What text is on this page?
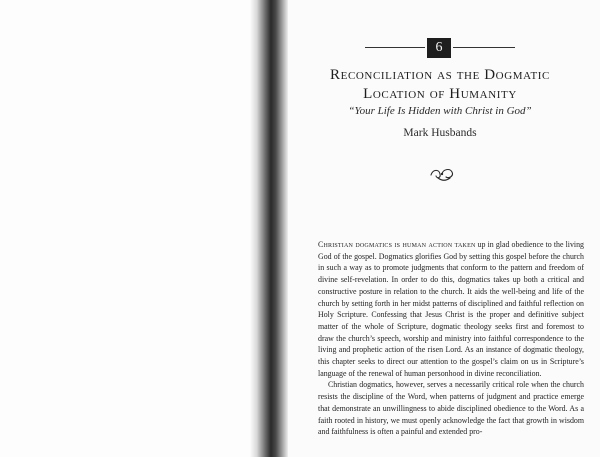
6
Reconciliation as the Dogmatic
Location of Humanity

“Your Life Is Hidden with Christ in God”

Mark Husbands

Christian dogmatics is human action taken up in glad obedience to the living God of the gospel. Dogmatics glorifies God by setting this gospel before the church in such a way as to promote judgments that conform to the pattern and freedom of divine self-revelation. In order to do this, dogmatics takes up both a critical and constructive posture in relation to the church. It aids the well-being and life of the church by setting forth in her midst patterns of disciplined and faithful reflection on Holy Scripture. Confessing that Jesus Christ is the proper and definitive subject matter of the whole of Scripture, dogmatic theology seeks first and foremost to draw the church’s speech, worship and ministry into faithful correspondence to the living and prophetic action of the risen Lord. As an instance of dogmatic theology, this chapter seeks to direct our attention to the gospel’s claim on us in Scripture’s language of the renewal of human personhood in divine reconciliation.

Christian dogmatics, however, serves a necessarily critical role when the church resists the discipline of the Word, when patterns of judgment and practice emerge that demonstrate an unwillingness to abide disciplined obedience to the Word. As a faith rooted in history, we must openly acknowledge the fact that growth in wisdom and faithfulness is often a painful and extended pro-
